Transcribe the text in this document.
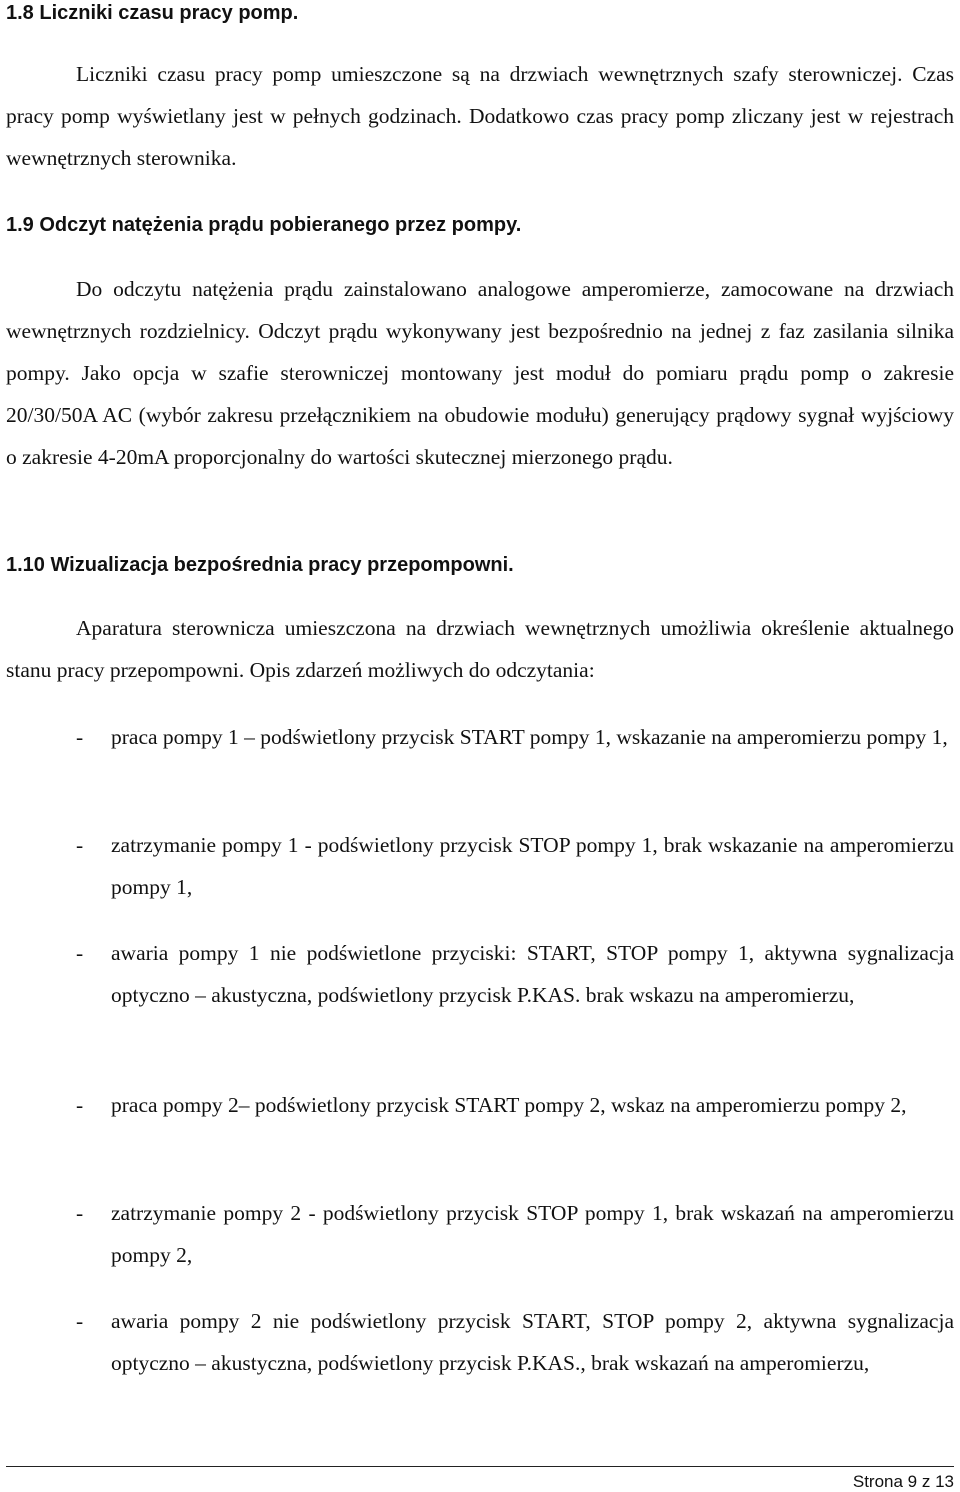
1.8 Liczniki czasu pracy pomp.

Liczniki czasu pracy pomp umieszczone są na drzwiach wewnętrznych szafy sterowniczej. Czas pracy pomp wyświetlany jest w pełnych godzinach. Dodatkowo czas pracy pomp zliczany jest w rejestrach wewnętrznych sterownika.

1.9 Odczyt natężenia prądu pobieranego przez pompy.

Do odczytu natężenia prądu zainstalowano analogowe amperomierze, zamocowane na drzwiach wewnętrznych rozdzielnicy. Odczyt prądu wykonywany jest bezpośrednio na jednej z faz zasilania silnika pompy. Jako opcja w szafie sterowniczej montowany jest moduł do pomiaru prądu pomp o zakresie 20/30/50A AC (wybór zakresu przełącznikiem na obudowie modułu) generujący prądowy sygnał wyjściowy o zakresie 4-20mA proporcjonalny do wartości skutecznej mierzonego prądu.

1.10 Wizualizacja bezpośrednia pracy przepompowni.

Aparatura sterownicza umieszczona na drzwiach wewnętrznych umożliwia określenie aktualnego stanu pracy przepompowni. Opis zdarzeń możliwych do odczytania:

- praca pompy 1 – podświetlony przycisk START pompy 1, wskazanie na amperomierzu pompy 1,
- zatrzymanie pompy 1 - podświetlony przycisk STOP pompy 1, brak wskazanie na amperomierzu pompy 1,
- awaria pompy 1 nie podświetlone przyciski: START, STOP pompy 1, aktywna sygnalizacja optyczno – akustyczna, podświetlony przycisk P.KAS. brak wskazu na amperomierzu,
- praca pompy 2– podświetlony przycisk START pompy 2, wskaz na amperomierzu pompy 2,
- zatrzymanie pompy 2 - podświetlony przycisk STOP pompy 1, brak wskazań na amperomierzu pompy 2,
- awaria pompy 2 nie podświetlony przycisk START, STOP pompy 2, aktywna sygnalizacja optyczno – akustyczna, podświetlony przycisk P.KAS., brak wskazań na amperomierzu,
Strona 9 z 13
